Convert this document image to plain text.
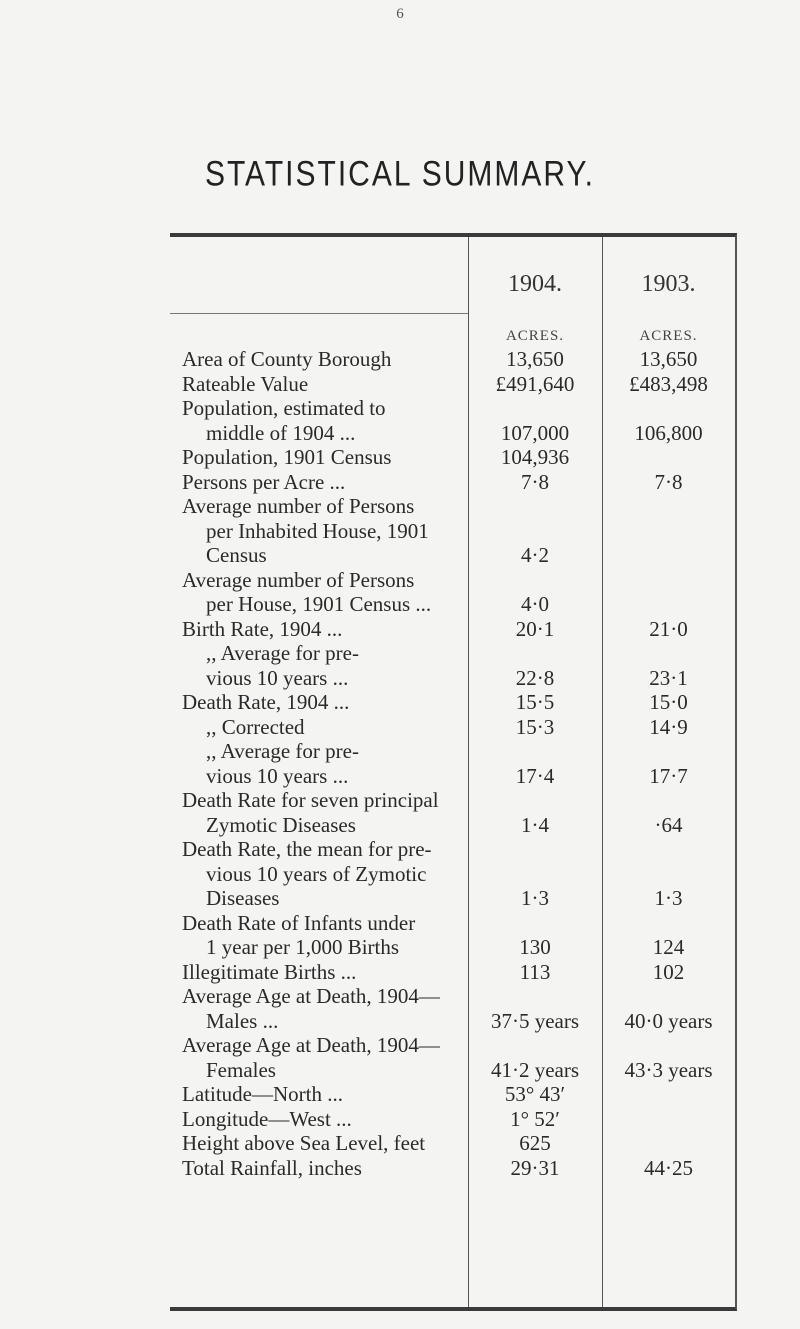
6
STATISTICAL SUMMARY.
1904.	1903.
ACRES.	ACRES.
Area of County Borough	13,650	13,650
Rateable Value	£491,640	£483,498
Population, estimated to
middle of 1904 ...	107,000	106,800
Population, 1901 Census	104,936
Persons per Acre ...	7·8	7·8
Average number of Persons
per Inhabited House, 1901
Census	4·2
Average number of Persons
per House, 1901 Census ...	4·0
Birth Rate, 1904 ...	20·1	21·0
,, Average for pre-
vious 10 years ...	22·8	23·1
Death Rate, 1904 ...	15·5	15·0
,, Corrected	15·3	14·9
,, Average for pre-
vious 10 years ...	17·4	17·7
Death Rate for seven principal
Zymotic Diseases	1·4	·64
Death Rate, the mean for pre-
vious 10 years of Zymotic
Diseases	1·3	1·3
Death Rate of Infants under
1 year per 1,000 Births	130	124
Illegitimate Births ...	113	102
Average Age at Death, 1904—
Males ...	37·5 years	40·0 years
Average Age at Death, 1904—
Females	41·2 years	43·3 years
Latitude—North ...	53° 43′
Longitude—West ...	1° 52′
Height above Sea Level, feet	625
Total Rainfall, inches	29·31	44·25
